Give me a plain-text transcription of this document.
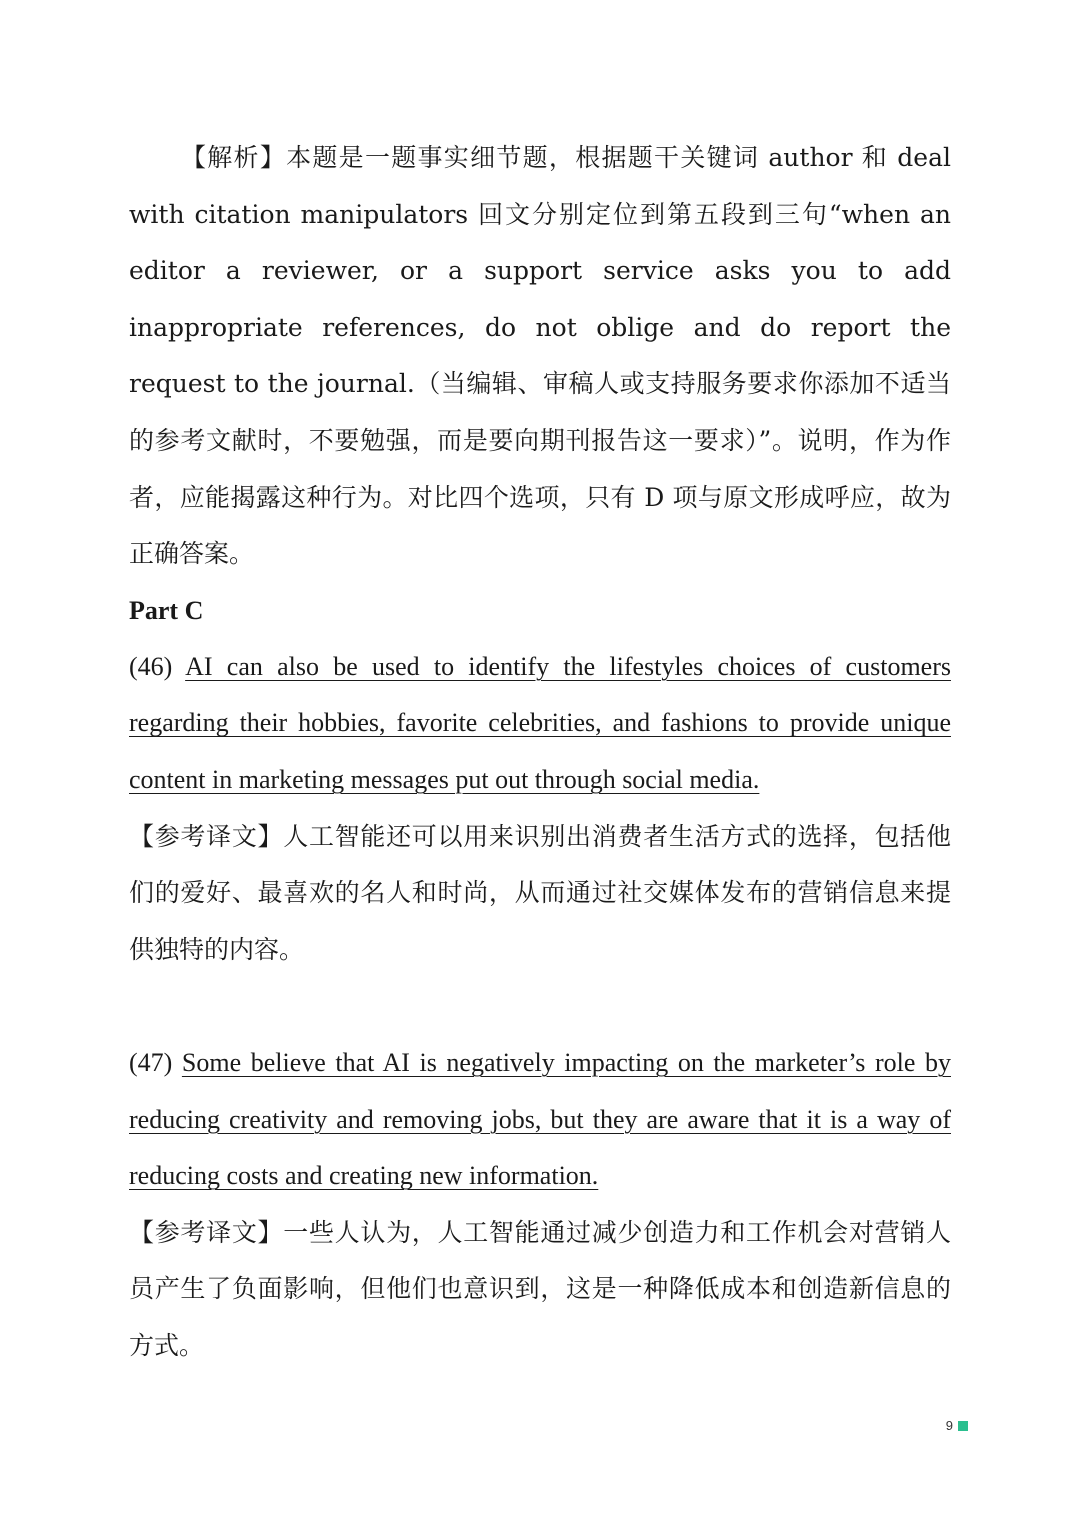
【解析】本题是一题事实细节题，根据题干关键词 author 和 deal with citation manipulators 回文分别定位到第五段到三句“when an editor a reviewer, or a support service asks you to add inappropriate references, do not oblige and do report the request to the journal.（当编辑、审稿人或支持服务要求你添加不适当的参考文献时，不要勉强，而是要向期刊报告这一要求）”。说明，作为作者，应能揭露这种行为。对比四个选项，只有 D 项与原文形成呼应，故为正确答案。

Part C

(46) AI can also be used to identify the lifestyles choices of customers regarding their hobbies, favorite celebrities, and fashions to provide unique content in marketing messages put out through social media.

【参考译文】人工智能还可以用来识别出消费者生活方式的选择，包括他们的爱好、最喜欢的名人和时尚，从而通过社交媒体发布的营销信息来提供独特的内容。

(47) Some believe that AI is negatively impacting on the marketer’s role by reducing creativity and removing jobs, but they are aware that it is a way of reducing costs and creating new information.

【参考译文】一些人认为，人工智能通过减少创造力和工作机会对营销人员产生了负面影响，但他们也意识到，这是一种降低成本和创造新信息的方式。

9
